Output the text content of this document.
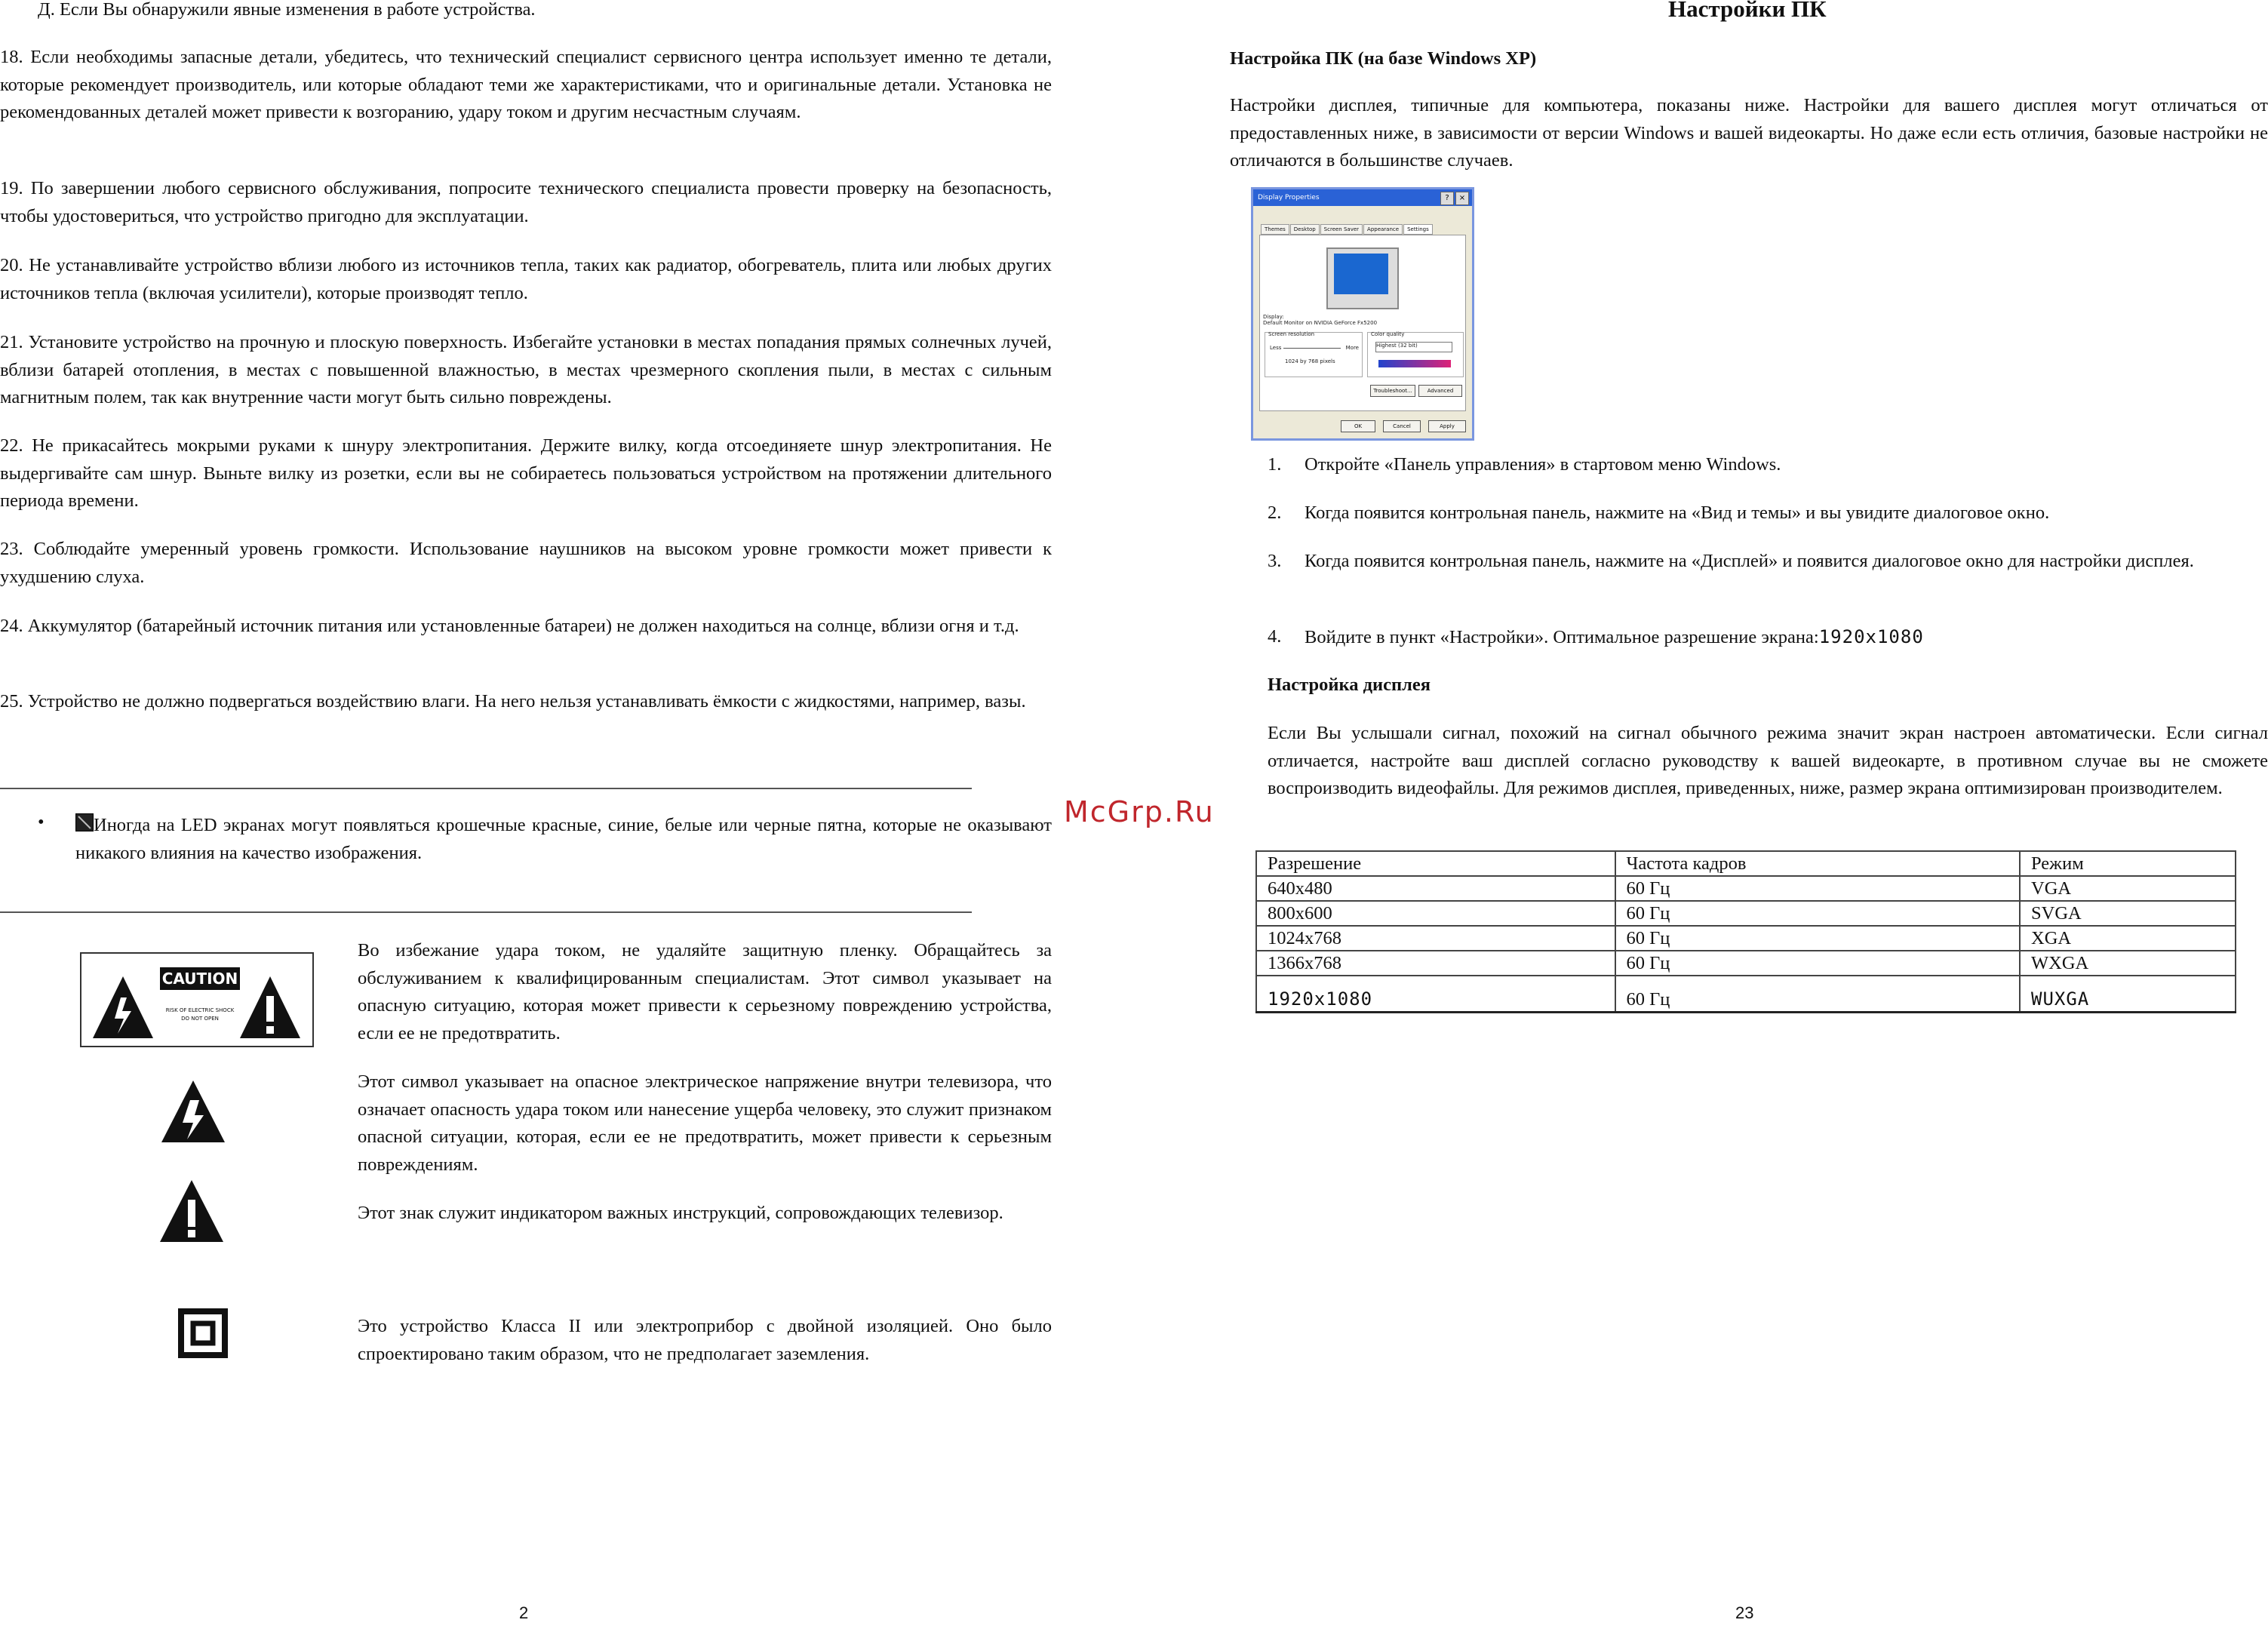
Д. Если Вы обнаружили явные изменения в работе устройства.

18. Если необходимы запасные детали, убедитесь, что технический специалист сервисного центра использует именно те детали, которые рекомендует производитель, или которые обладают теми же характеристиками, что и оригинальные детали. Установка не рекомендованных деталей может привести к возгоранию, удару током и другим несчастным случаям.

19. По завершении любого сервисного обслуживания, попросите технического специалиста провести проверку на безопасность, чтобы удостовериться, что устройство пригодно для эксплуатации.

20. Не устанавливайте устройство вблизи любого из источников тепла, таких как радиатор, обогреватель, плита или любых других источников тепла (включая усилители), которые производят тепло.

21. Установите устройство на прочную и плоскую поверхность. Избегайте установки в местах попадания прямых солнечных лучей, вблизи батарей отопления, в местах с повышенной влажностью, в местах чрезмерного скопления пыли, в местах с сильным магнитным полем, так как внутренние части могут быть сильно повреждены.

22. Не прикасайтесь мокрыми руками к шнуру электропитания. Держите вилку, когда отсоединяете шнур электропитания. Не выдергивайте сам шнур. Выньте вилку из розетки, если вы не собираетесь пользоваться устройством на протяжении длительного периода времени.

23. Соблюдайте умеренный уровень громкости. Использование наушников на высоком уровне громкости может привести к ухудшению слуха.

24. Аккумулятор (батарейный источник питания или установленные батареи) не должен находиться на солнце, вблизи огня и т.д.

25. Устройство не должно подвергаться воздействию влаги. На него нельзя устанавливать ёмкости с жидкостями, например, вазы.

•	Иногда на LED экранах могут появляться крошечные красные, синие, белые или черные пятна, которые не оказывают никакого влияния на качество изображения.

CAUTION
RISK OF ELECTRIC SHOCK
DO NOT OPEN

Во избежание удара током, не удаляйте защитную пленку. Обращайтесь за обслуживанием к квалифицированным специалистам. Этот символ указывает на опасную ситуацию, которая может привести к серьезному повреждению устройства, если ее не предотвратить.

Этот символ указывает на опасное электрическое напряжение внутри телевизора, что означает опасность удара током или нанесение ущерба человеку, это служит признаком опасной ситуации, которая, если ее не предотвратить, может привести к серьезным повреждениям.

Этот знак служит индикатором важных инструкций, сопровождающих телевизор.

Это устройство Класса II или электроприбор с двойной изоляцией. Оно было спроектировано таким образом, что не предполагает заземления.

2
McGrp.Ru
Настройки ПК

Настройка ПК (на базе Windows XP)

Настройки дисплея, типичные для компьютера, показаны ниже. Настройки для вашего дисплея могут отличаться от предоставленных ниже, в зависимости от версии Windows и вашей видеокарты. Но даже если есть отличия, базовые настройки не отличаются в большинстве случаев.

Display Properties	?	×
Themes Desktop Screen Saver Appearance Settings
Display:
Default Monitor on NVIDIA GeForce Fx5200
Screen resolution
Less	More
1024 by 768 pixels
Color quality
Highest (32 bit)
Troubleshoot...	Advanced
OK	Cancel	Apply
1. Откройте «Панель управления» в стартовом меню Windows.
2. Когда появится контрольная панель, нажмите на «Вид и темы» и вы увидите диалоговое окно.
3. Когда появится контрольная панель, нажмите на «Дисплей» и появится диалоговое окно для настройки дисплея.
4. Войдите в пункт «Настройки». Оптимальное разрешение экрана:1920x1080

Настройка дисплея

Если Вы услышали сигнал, похожий на сигнал обычного режима значит экран настроен автоматически. Если сигнал отличается, настройте ваш дисплей согласно руководству к вашей видеокарте, в противном случае вы не сможете воспроизводить видеофайлы. Для режимов дисплея, приведенных, ниже, размер экрана оптимизирован производителем.

Разрешение	Частота кадров	Режим
640x480	60 Гц	VGA
800x600	60 Гц	SVGA
1024x768	60 Гц	XGA
1366x768	60 Гц	WXGA
1920x1080	60 Гц	WUXGA
23
